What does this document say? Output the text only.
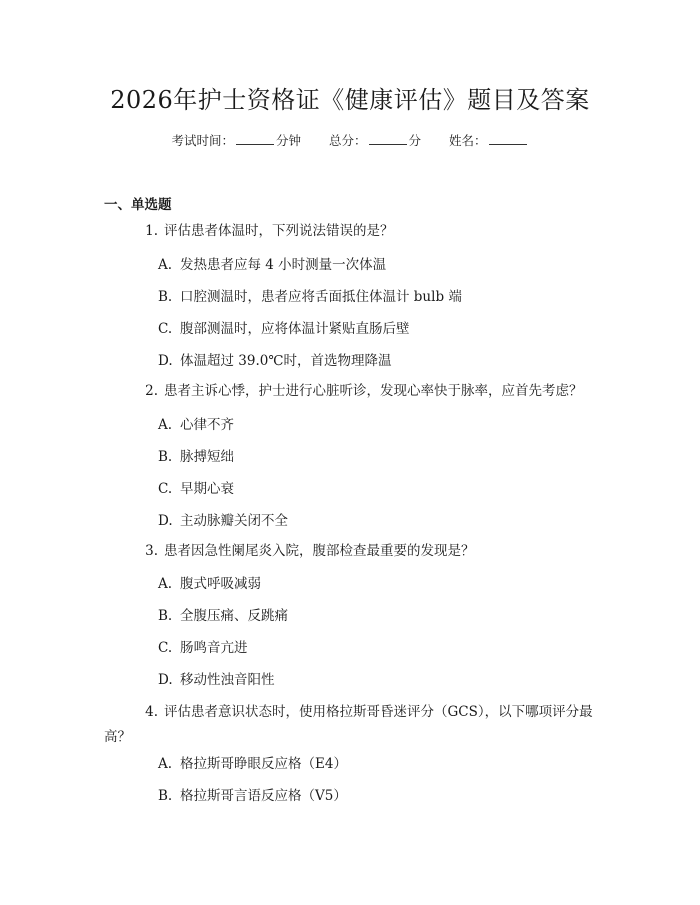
2026年护士资格证《健康评估》题目及答案
考试时间：	分钟 总分：	分 姓名：
一、单选题
1. 评估患者体温时，下列说法错误的是？
A. 发热患者应每 4 小时测量一次体温
B. 口腔测温时，患者应将舌面抵住体温计 bulb 端
C. 腹部测温时，应将体温计紧贴直肠后壁
D. 体温超过 39.0℃时，首选物理降温
2. 患者主诉心悸，护士进行心脏听诊，发现心率快于脉率，应首先考虑？
A. 心律不齐
B. 脉搏短绌
C. 早期心衰
D. 主动脉瓣关闭不全
3. 患者因急性阑尾炎入院，腹部检查最重要的发现是？
A. 腹式呼吸减弱
B. 全腹压痛、反跳痛
C. 肠鸣音亢进
D. 移动性浊音阳性
4. 评估患者意识状态时，使用格拉斯哥昏迷评分（GCS），以下哪项评分最高？
A. 格拉斯哥睁眼反应格（E4）
B. 格拉斯哥言语反应格（V5）
